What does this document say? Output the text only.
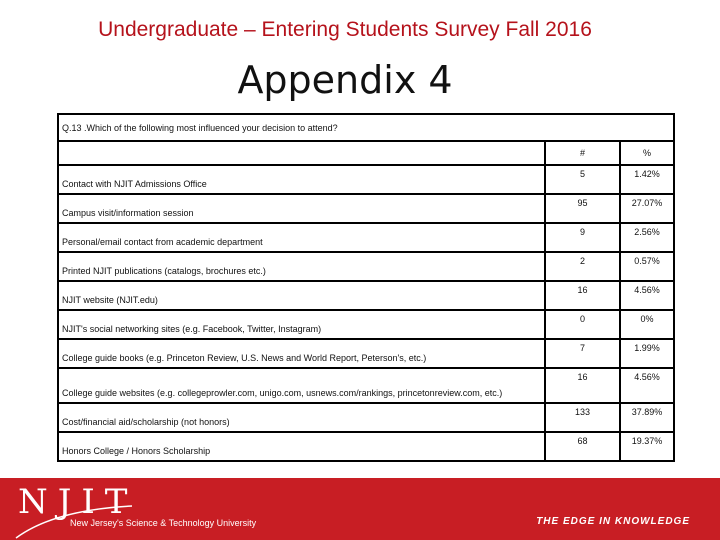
Undergraduate – Entering Students Survey Fall 2016
Appendix 4
Q.13 .Which of the following most influenced your decision to attend?		
	#	%
Contact with NJIT Admissions Office	5	1.42%
Campus visit/information session	95	27.07%
Personal/email contact from academic department	9	2.56%
Printed NJIT publications (catalogs, brochures etc.)	2	0.57%
NJIT website (NJIT.edu)	16	4.56%
NJIT's social networking sites (e.g. Facebook, Twitter, Instagram)	0	0%
College guide books (e.g. Princeton Review, U.S. News and World Report, Peterson's, etc.)	7	1.99%
College guide websites (e.g. collegeprowler.com, unigo.com, usnews.com/rankings, princetonreview.com, etc.)	16	4.56%
Cost/financial aid/scholarship (not honors)	133	37.89%
Honors College / Honors Scholarship	68	19.37%
NJIT
New Jersey's Science & Technology University	THE EDGE IN KNOWLEDGE
